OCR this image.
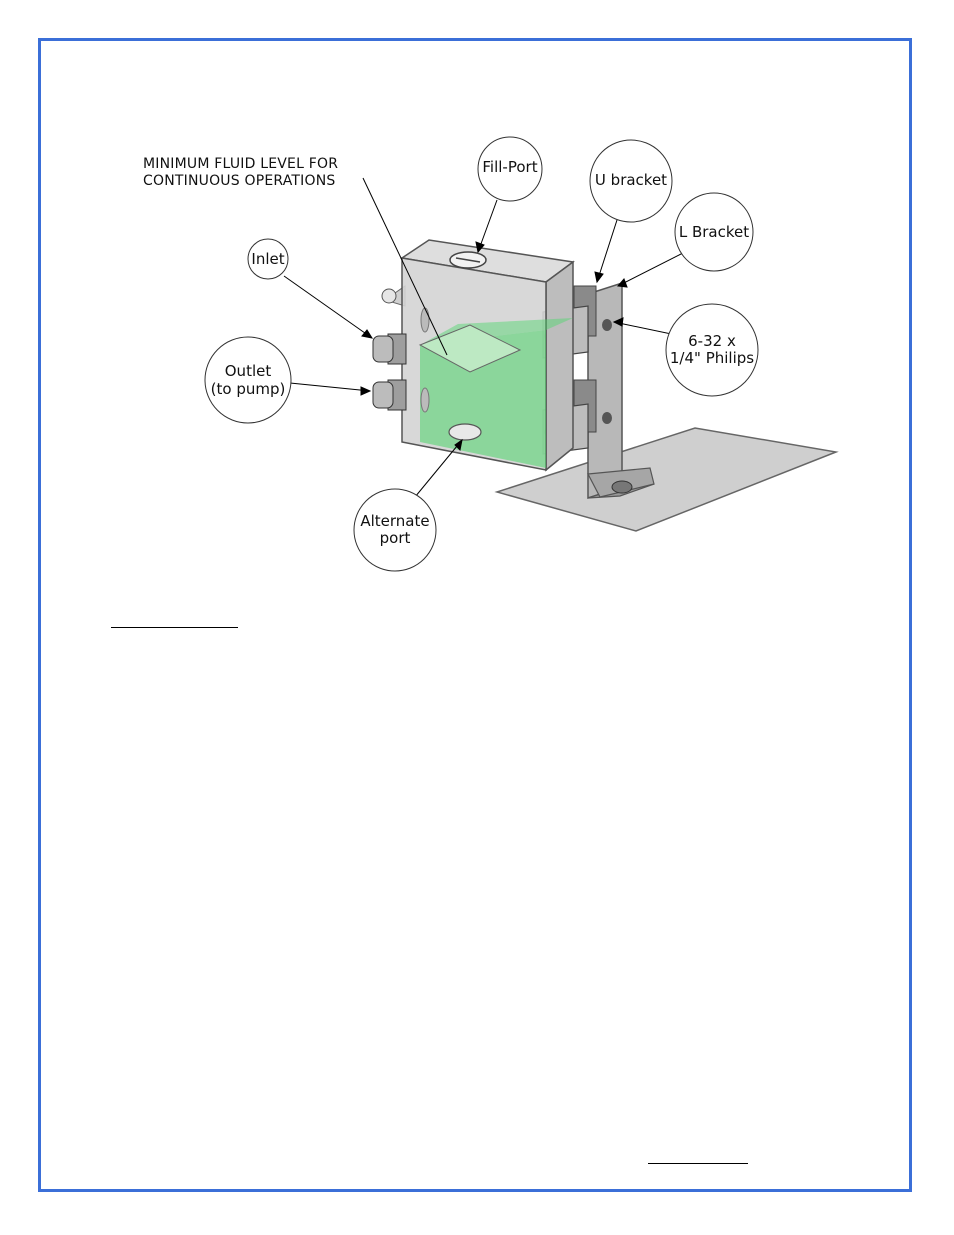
MINIMUM FLUID LEVEL FOR
CONTINUOUS OPERATIONS
Fill-Port
U bracket
L Bracket
Inlet
Outlet
(to pump)
6-32 x
1/4" Philips
Alternate
port
